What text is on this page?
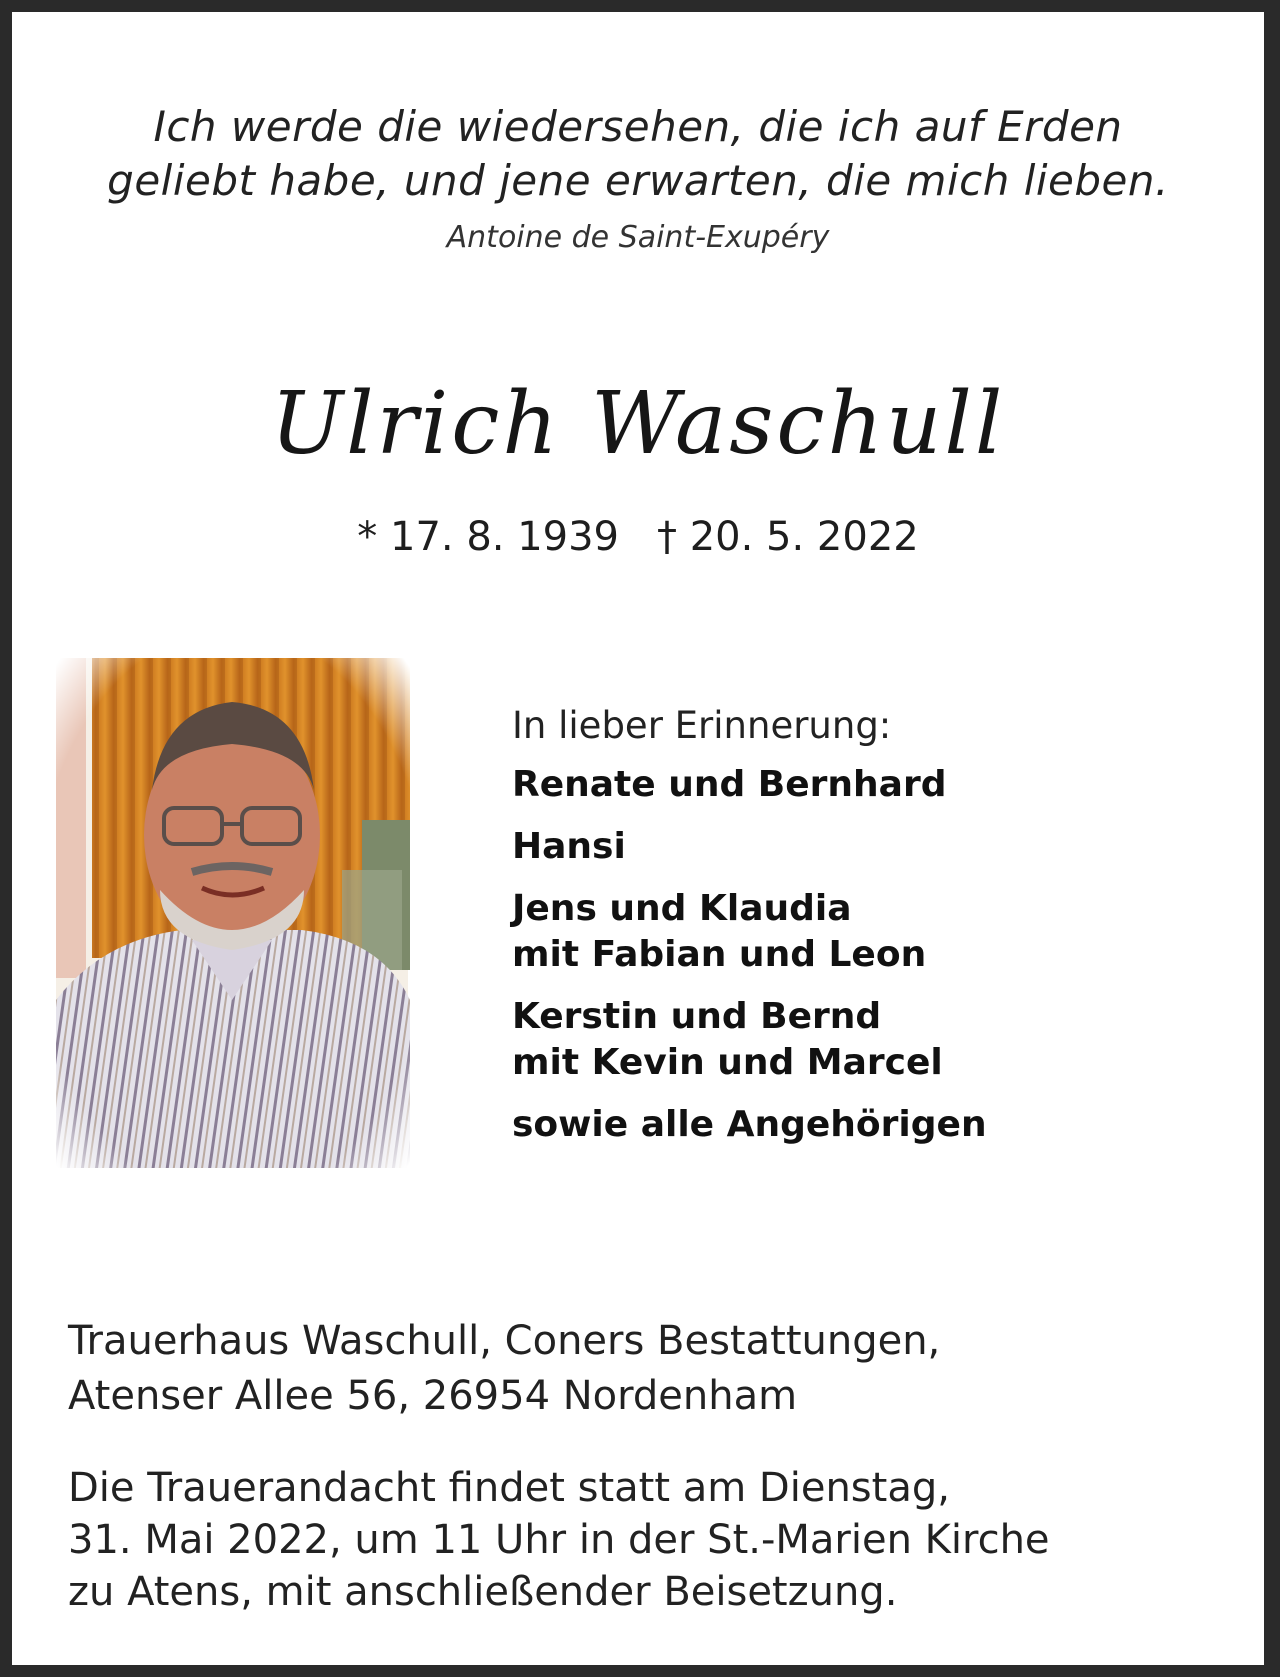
Ich werde die wiedersehen, die ich auf Erden
geliebt habe, und jene erwarten, die mich lieben.
Antoine de Saint-Exupéry
Ulrich Waschull
* 17. 8. 1939 † 20. 5. 2022

In lieber Erinnerung:

Renate und Bernhard

Hansi

Jens und Klaudia

mit Fabian und Leon

Kerstin und Bernd

mit Kevin und Marcel

sowie alle Angehörigen

Trauerhaus Waschull, Coners Bestattungen,
Atenser Allee 56, 26954 Nordenham
Die Trauerandacht findet statt am Dienstag,
31. Mai 2022, um 11 Uhr in der St.-Marien Kirche
zu Atens, mit anschließender Beisetzung.
